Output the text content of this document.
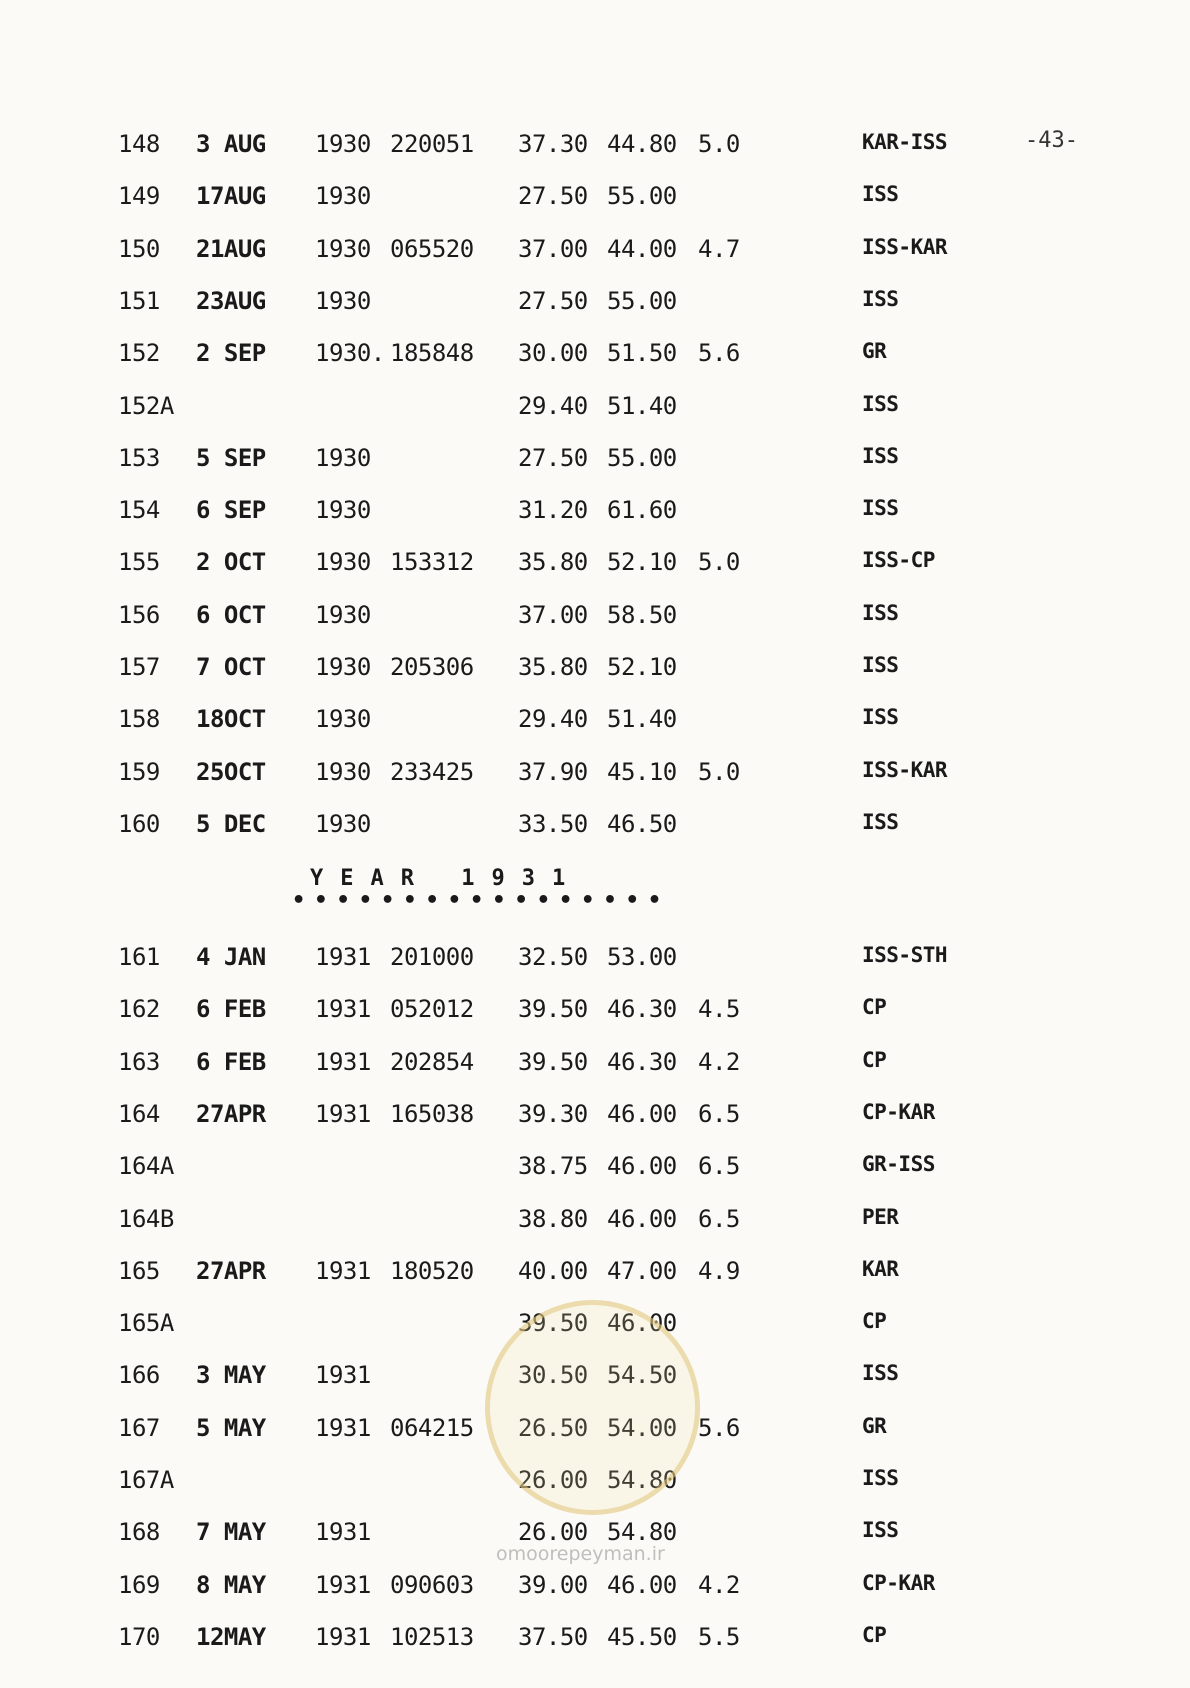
-43-
148 3 AUG 1930 220051 37.30 44.80 5.0	KAR-ISS
149 17AUG 1930	27.50 55.00	ISS
150 21AUG 1930 065520 37.00 44.00 4.7	ISS-KAR
151 23AUG 1930	27.50 55.00	ISS
152 2 SEP 1930. 185848 30.00 51.50 5.6	GR
152A	29.40 51.40	ISS
153 5 SEP 1930	27.50 55.00	ISS
154 6 SEP 1930	31.20 61.60	ISS
155 2 OCT 1930 153312 35.80 52.10 5.0	ISS-CP
156 6 OCT 1930	37.00 58.50	ISS
157 7 OCT 1930 205306 35.80 52.10	ISS
158 18OCT 1930	29.40 51.40	ISS
159 25OCT 1930 233425 37.90 45.10 5.0	ISS-KAR
160 5 DEC 1930	33.50 46.50	ISS
YEAR 1931
•••••••••••••••••
161 4 JAN 1931 201000 32.50 53.00	ISS-STH
162 6 FEB 1931 052012 39.50 46.30 4.5	CP
163 6 FEB 1931 202854 39.50 46.30 4.2	CP
164 27APR 1931 165038 39.30 46.00 6.5	CP-KAR
164A	38.75 46.00 6.5	GR-ISS
164B	38.80 46.00 6.5	PER
165 27APR 1931 180520 40.00 47.00 4.9	KAR
165A	39.50 46.00	CP
166 3 MAY 1931	30.50 54.50	ISS
167 5 MAY 1931 064215 26.50 54.00 5.6	GR
167A	26.00 54.80	ISS
168 7 MAY 1931	26.00 54.80	ISS
169 8 MAY 1931 090603 39.00 46.00 4.2	CP-KAR
170 12MAY 1931 102513 37.50 45.50 5.5	CP
omoorepeyman.ir
